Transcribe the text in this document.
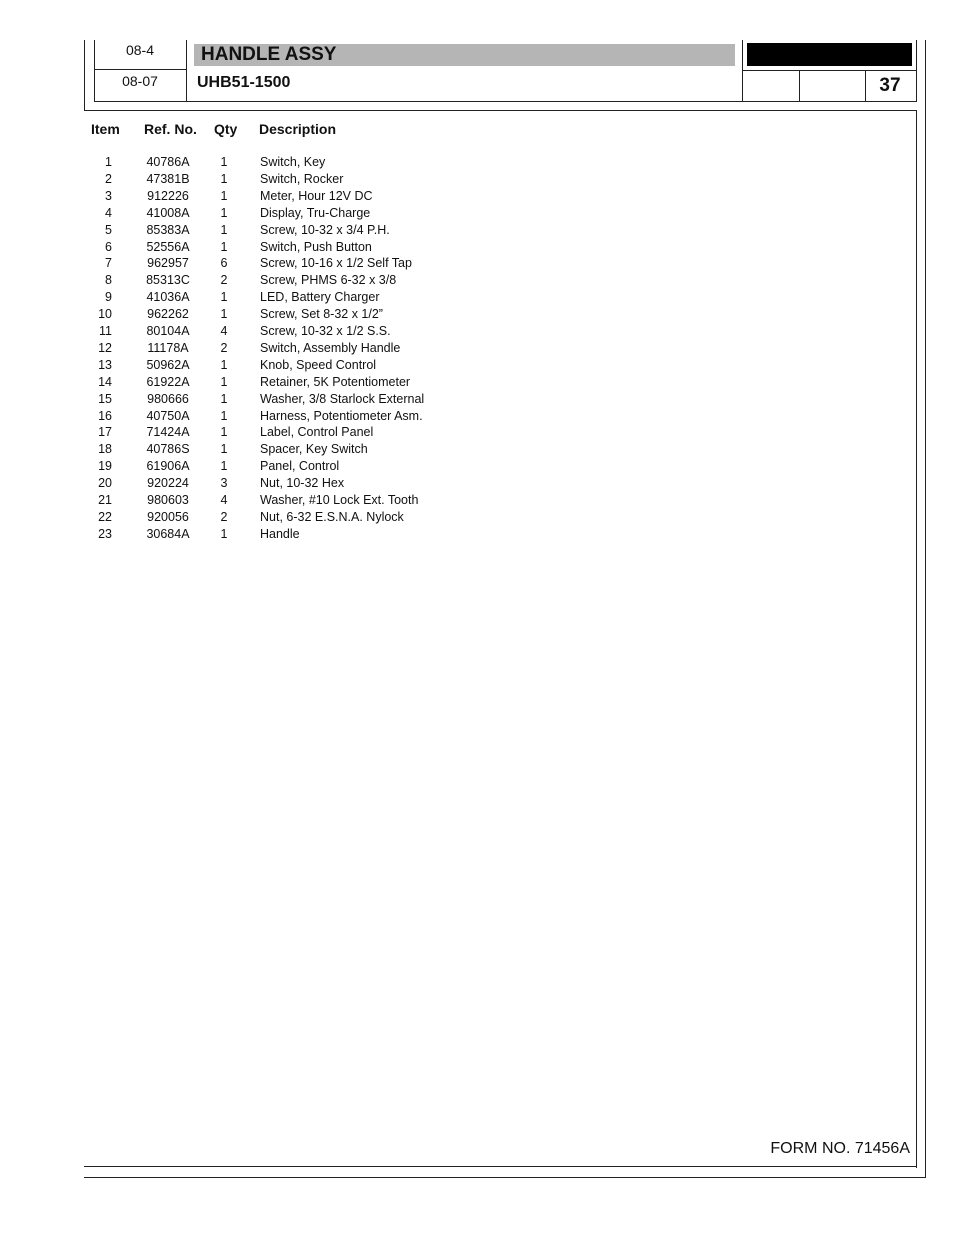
08-4
08-07
HANDLE ASSY
UHB51-1500	37
Item Ref. No. Qty Description
1	40786A	1	Switch, Key
2	47381B	1	Switch, Rocker
3	912226	1	Meter, Hour 12V DC
4	41008A	1	Display, Tru-Charge
5	85383A	1	Screw, 10-32 x 3/4 P.H.
6	52556A	1	Switch, Push Button
7	962957	6	Screw, 10-16 x 1/2 Self Tap
8	85313C	2	Screw, PHMS 6-32 x 3/8
9	41036A	1	LED, Battery Charger
10	962262	1	Screw, Set 8-32 x 1/2”
11	80104A	4	Screw, 10-32 x 1/2 S.S.
12	11178A	2	Switch, Assembly Handle
13	50962A	1	Knob, Speed Control
14	61922A	1	Retainer, 5K Potentiometer
15	980666	1	Washer, 3/8 Starlock External
16	40750A	1	Harness, Potentiometer Asm.
17	71424A	1	Label, Control Panel
18	40786S	1	Spacer, Key Switch
19	61906A	1	Panel, Control
20	920224	3	Nut, 10-32 Hex
21	980603	4	Washer, #10 Lock Ext. Tooth
22	920056	2	Nut, 6-32 E.S.N.A. Nylock
23	30684A	1	Handle
FORM NO. 71456A
